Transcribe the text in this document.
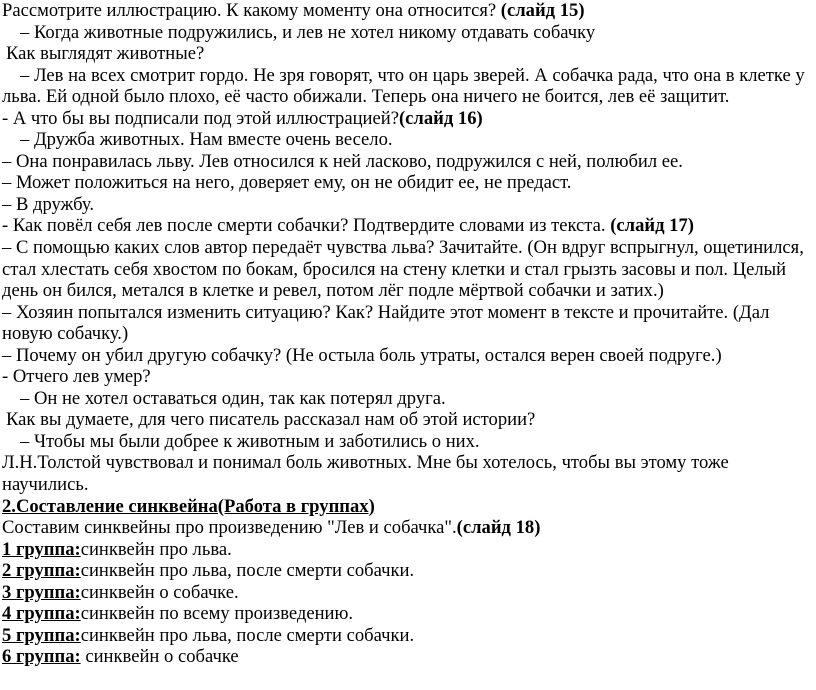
Рассмотрите иллюстрацию. К какому моменту она относится? (слайд 15)
– Когда животные подружились, и лев не хотел никому отдавать собачку
Как выглядят животные?
– Лев на всех смотрит гордо. Не зря говорят, что он царь зверей. А собачка рада, что она в клетке у льва. Ей одной было плохо, её часто обижали. Теперь она ничего не боится, лев её защитит.
- А что бы вы подписали под этой иллюстрацией?(слайд 16)
– Дружба животных. Нам вместе очень весело.
– Она понравилась льву. Лев относился к ней ласково, подружился с ней, полюбил ее.
– Может положиться на него, доверяет ему, он не обидит ее, не предаст.
– В дружбу.
- Как повёл себя лев после смерти собачки? Подтвердите словами из текста. (слайд 17)
– С помощью каких слов автор передаёт чувства льва? Зачитайте. (Он вдруг вспрыгнул, ощетинился, стал хлестать себя хвостом по бокам, бросился на стену клетки и стал грызть засовы и пол. Целый день он бился, метался в клетке и ревел, потом лёг подле мёртвой собачки и затих.)
– Хозяин попытался изменить ситуацию? Как? Найдите этот момент в тексте и прочитайте. (Дал новую собачку.)
– Почему он убил другую собачку? (Не остыла боль утраты, остался верен своей подруге.)
- Отчего лев умер?
– Он не хотел оставаться один, так как потерял друга.
Как вы думаете, для чего писатель рассказал нам об этой истории?
– Чтобы мы были добрее к животным и заботились о них.
Л.Н.Толстой чувствовал и понимал боль животных. Мне бы хотелось, чтобы вы этому тоже научились.
2.Составление синквейна(Работа в группах)
Составим синквейны про произведению "Лев и собачка".(слайд 18)
1 группа:синквейн про льва.
2 группа:синквейн про льва, после смерти собачки.
3 группа:синквейн о собачке.
4 группа:синквейн по всему произведению.
5 группа:синквейн про льва, после смерти собачки.
6 группа: синквейн о собачке
